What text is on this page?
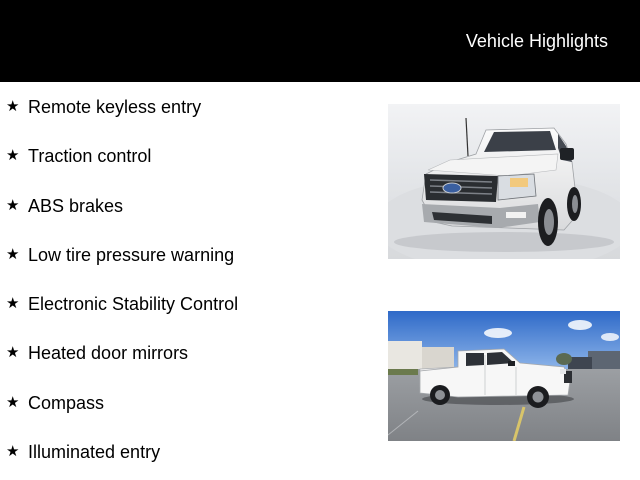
Vehicle Highlights
★ Remote keyless entry
★ Traction control
★ ABS brakes
★ Low tire pressure warning
★ Electronic Stability Control
★ Heated door mirrors
★ Compass
★ Illuminated entry
